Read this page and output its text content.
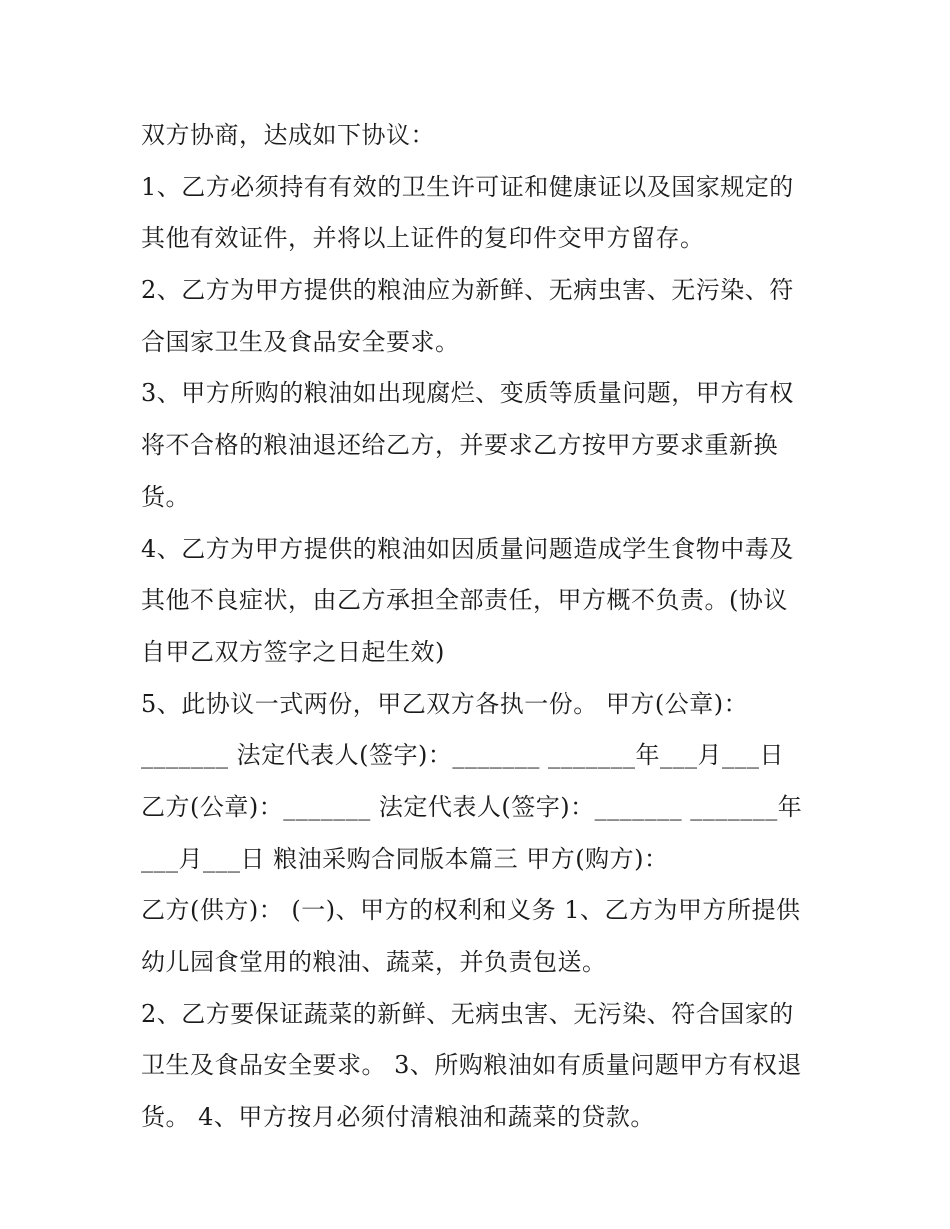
双方协商，达成如下协议：
1、乙方必须持有有效的卫生许可证和健康证以及国家规定的
其他有效证件，并将以上证件的复印件交甲方留存。
2、乙方为甲方提供的粮油应为新鲜、无病虫害、无污染、符
合国家卫生及食品安全要求。
3、甲方所购的粮油如出现腐烂、变质等质量问题，甲方有权
将不合格的粮油退还给乙方，并要求乙方按甲方要求重新换
货。
4、乙方为甲方提供的粮油如因质量问题造成学生食物中毒及
其他不良症状，由乙方承担全部责任，甲方概不负责。(协议
自甲乙双方签字之日起生效)
5、此协议一式两份，甲乙双方各执一份。 甲方(公章)：
_______ 法定代表人(签字)：_______ _______年___月___日
乙方(公章)：_______ 法定代表人(签字)：_______ _______年
___月___日 粮油采购合同版本篇三 甲方(购方)：
乙方(供方)： (一)、甲方的权利和义务 1、乙方为甲方所提供
幼儿园食堂用的粮油、蔬菜，并负责包送。
2、乙方要保证蔬菜的新鲜、无病虫害、无污染、符合国家的
卫生及食品安全要求。 3、所购粮油如有质量问题甲方有权退
货。 4、甲方按月必须付清粮油和蔬菜的贷款。
